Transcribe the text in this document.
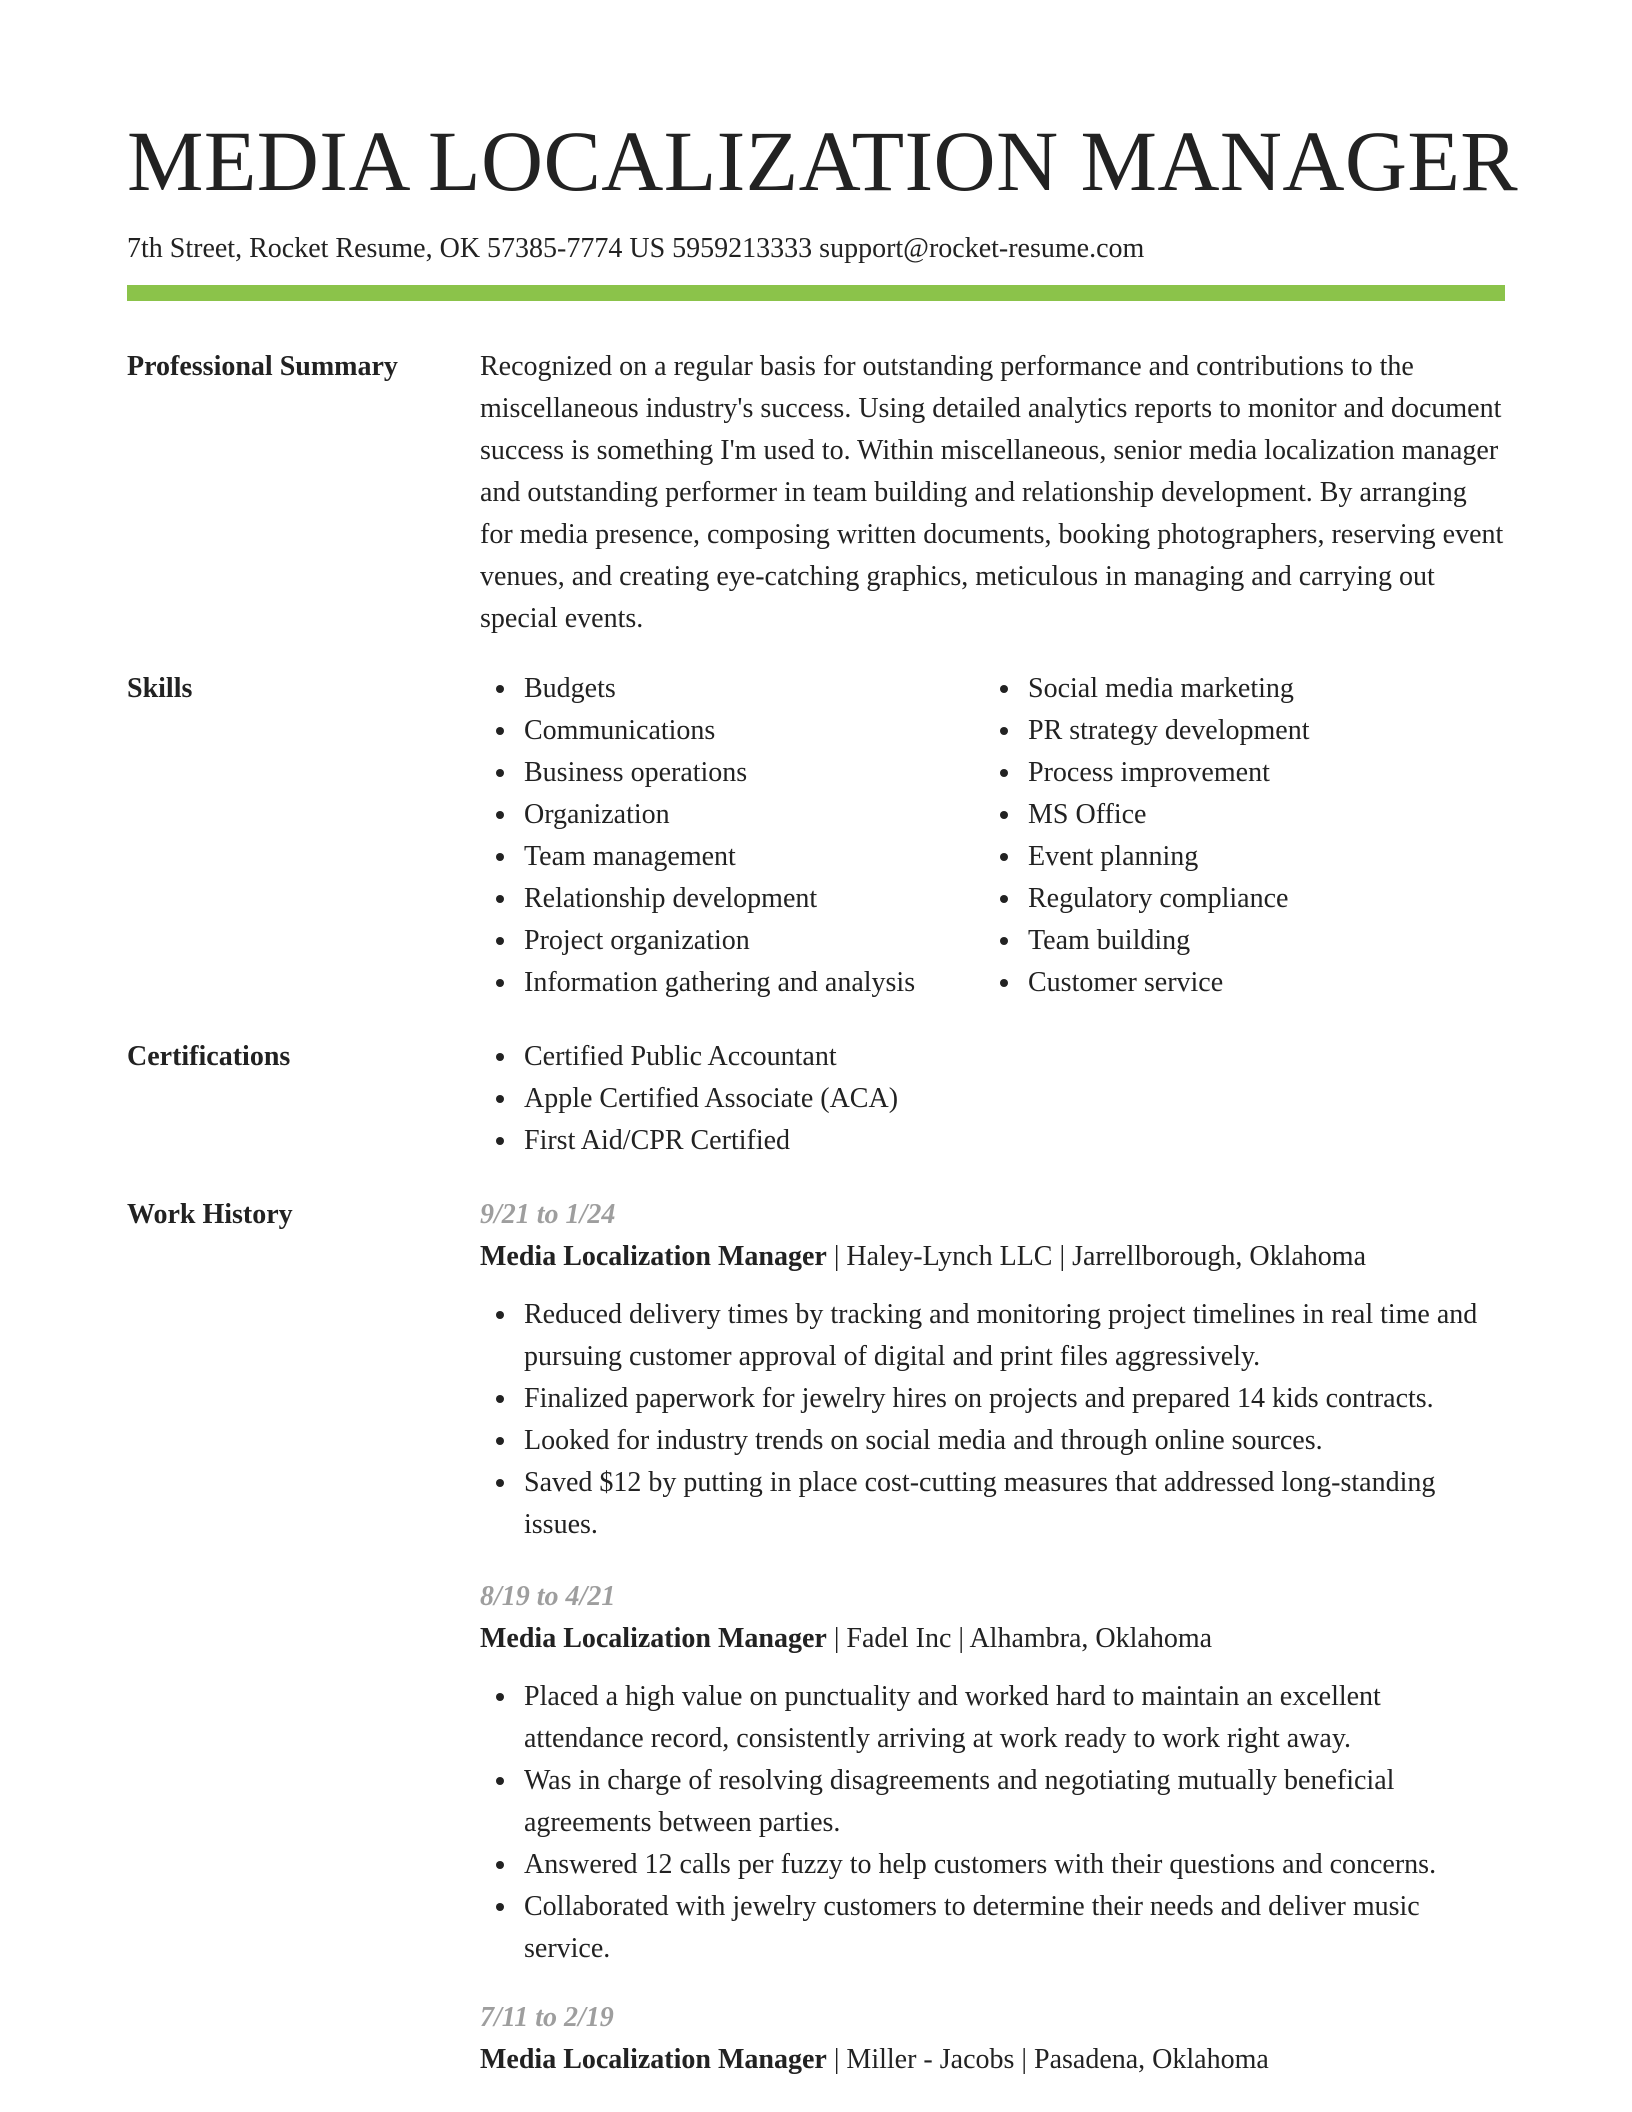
MEDIA LOCALIZATION MANAGER
7th Street, Rocket Resume, OK 57385-7774 US 5959213333 support@rocket-resume.com
Professional Summary	Recognized on a regular basis for outstanding performance and contributions to the miscellaneous industry's success. Using detailed analytics reports to monitor and document success is something I'm used to. Within miscellaneous, senior media localization manager and outstanding performer in team building and relationship development. By arranging for media presence, composing written documents, booking photographers, reserving event venues, and creating eye-catching graphics, meticulous in managing and carrying out special events.

Skills	Budgets
Communications
Business operations
Organization
Team management
Relationship development
Project organization
Information gathering and analysis
Social media marketing
PR strategy development
Process improvement
MS Office
Event planning
Regulatory compliance
Team building
Customer service
Certifications	Certified Public Accountant
Apple Certified Associate (ACA)
First Aid/CPR Certified
Work History	9/21 to 1/24
Media Localization Manager | Haley-Lynch LLC | Jarrellborough, Oklahoma
Reduced delivery times by tracking and monitoring project timelines in real time and pursuing customer approval of digital and print files aggressively.
Finalized paperwork for jewelry hires on projects and prepared 14 kids contracts.
Looked for industry trends on social media and through online sources.
Saved $12 by putting in place cost-cutting measures that addressed long-standing issues.
8/19 to 4/21
Media Localization Manager | Fadel Inc | Alhambra, Oklahoma
Placed a high value on punctuality and worked hard to maintain an excellent attendance record, consistently arriving at work ready to work right away.
Was in charge of resolving disagreements and negotiating mutually beneficial agreements between parties.
Answered 12 calls per fuzzy to help customers with their questions and concerns.
Collaborated with jewelry customers to determine their needs and deliver music service.
7/11 to 2/19
Media Localization Manager | Miller - Jacobs | Pasadena, Oklahoma
